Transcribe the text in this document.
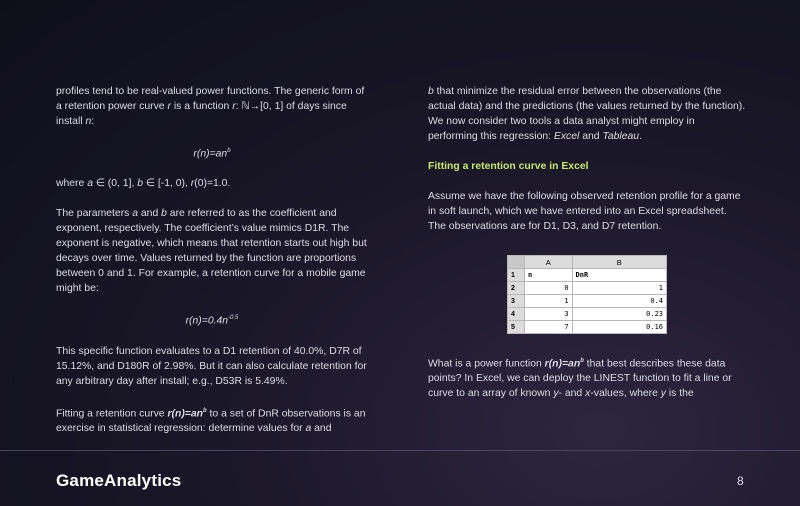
profiles tend to be real-valued power functions. The generic form of a retention power curve r is a function r: ℕ→[0, 1] of days since install n:

$r(n)=an^b$

where a ∈ (0, 1], b ∈ [-1, 0), r(0)=1.0.

The parameters a and b are referred to as the coefficient and exponent, respectively. The coefficient’s value mimics D1R. The exponent is negative, which means that retention starts out high but decays over time. Values returned by the function are proportions between 0 and 1. For example, a retention curve for a mobile game might be:

$r(n)=0.4n^{-0.5}$

This specific function evaluates to a D1 retention of 40.0%, D7R of 15.12%, and D180R of 2.98%. But it can also calculate retention for any arbitrary day after install; e.g., D53R is 5.49%.

Fitting a retention curve $r(n)=an^b$ to a set of DnR observations is an exercise in statistical regression: determine values for a and

b that minimize the residual error between the observations (the actual data) and the predictions (the values returned by the function). We now consider two tools a data analyst might employ in performing this regression: Excel and Tableau.

Fitting a retention curve in Excel

Assume we have the following observed retention profile for a game in soft launch, which we have entered into an Excel spreadsheet. The observations are for D1, D3, and D7 retention.

What is a power function $r(n)=an^b$ that best describes these data points? In Excel, we can deploy the LINEST function to fit a line or curve to an array of known y- and x-values, where y is the

	A	B
1	n	DnR
2	0	1
3	1	0.4
4	3	0.23
5	7	0.16
GameAnalytics	8
